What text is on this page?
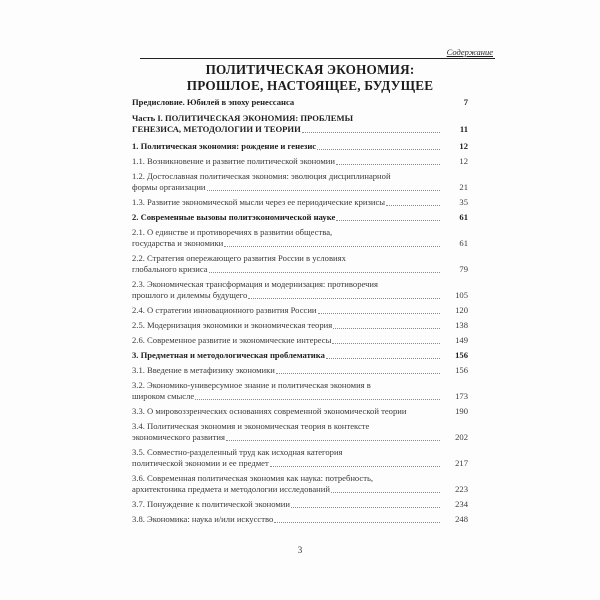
Содержание
ПОЛИТИЧЕСКАЯ ЭКОНОМИЯ:
ПРОШЛОЕ, НАСТОЯЩЕЕ, БУДУЩЕЕ
Предисловие. Юбилей в эпоху ренессанса	7
Часть I. ПОЛИТИЧЕСКАЯ ЭКОНОМИЯ: ПРОБЛЕМЫ
ГЕНЕЗИСА, МЕТОДОЛОГИИ И ТЕОРИИ	11
1. Политическая экономия: рождение и генезис	12
1.1. Возникновение и развитие политической экономии	12
1.2. Достославная политическая экономия: эволюция дисциплинарной
формы организации	21
1.3. Развитие экономической мысли через ее периодические кризисы	35
2. Современные вызовы политэкономической науке	61
2.1. О единстве и противоречиях в развитии общества,
государства и экономики	61
2.2. Стратегия опережающего развития России в условиях
глобального кризиса	79
2.3. Экономическая трансформация и модернизация: противоречия
прошлого и дилеммы будущего	105
2.4. О стратегии инновационного развития России	120
2.5. Модернизация экономики и экономическая теория	138
2.6. Современное развитие и экономические интересы	149
3. Предметная и методологическая проблематика	156
3.1. Введение в метафизику экономики	156
3.2. Экономико-универсумное знание и политическая экономия в
широком смысле	173
3.3. О мировоззренческих основаниях современной экономической теории	190
3.4. Политическая экономия и экономическая теория в контексте
экономического развития	202
3.5. Совместно-разделенный труд как исходная категория
политической экономии и ее предмет	217
3.6. Современная политическая экономия как наука: потребность,
архитектоника предмета и методологии исследований	223
3.7. Понуждение к политической экономии	234
3.8. Экономика: наука и/или искусство	248
3
